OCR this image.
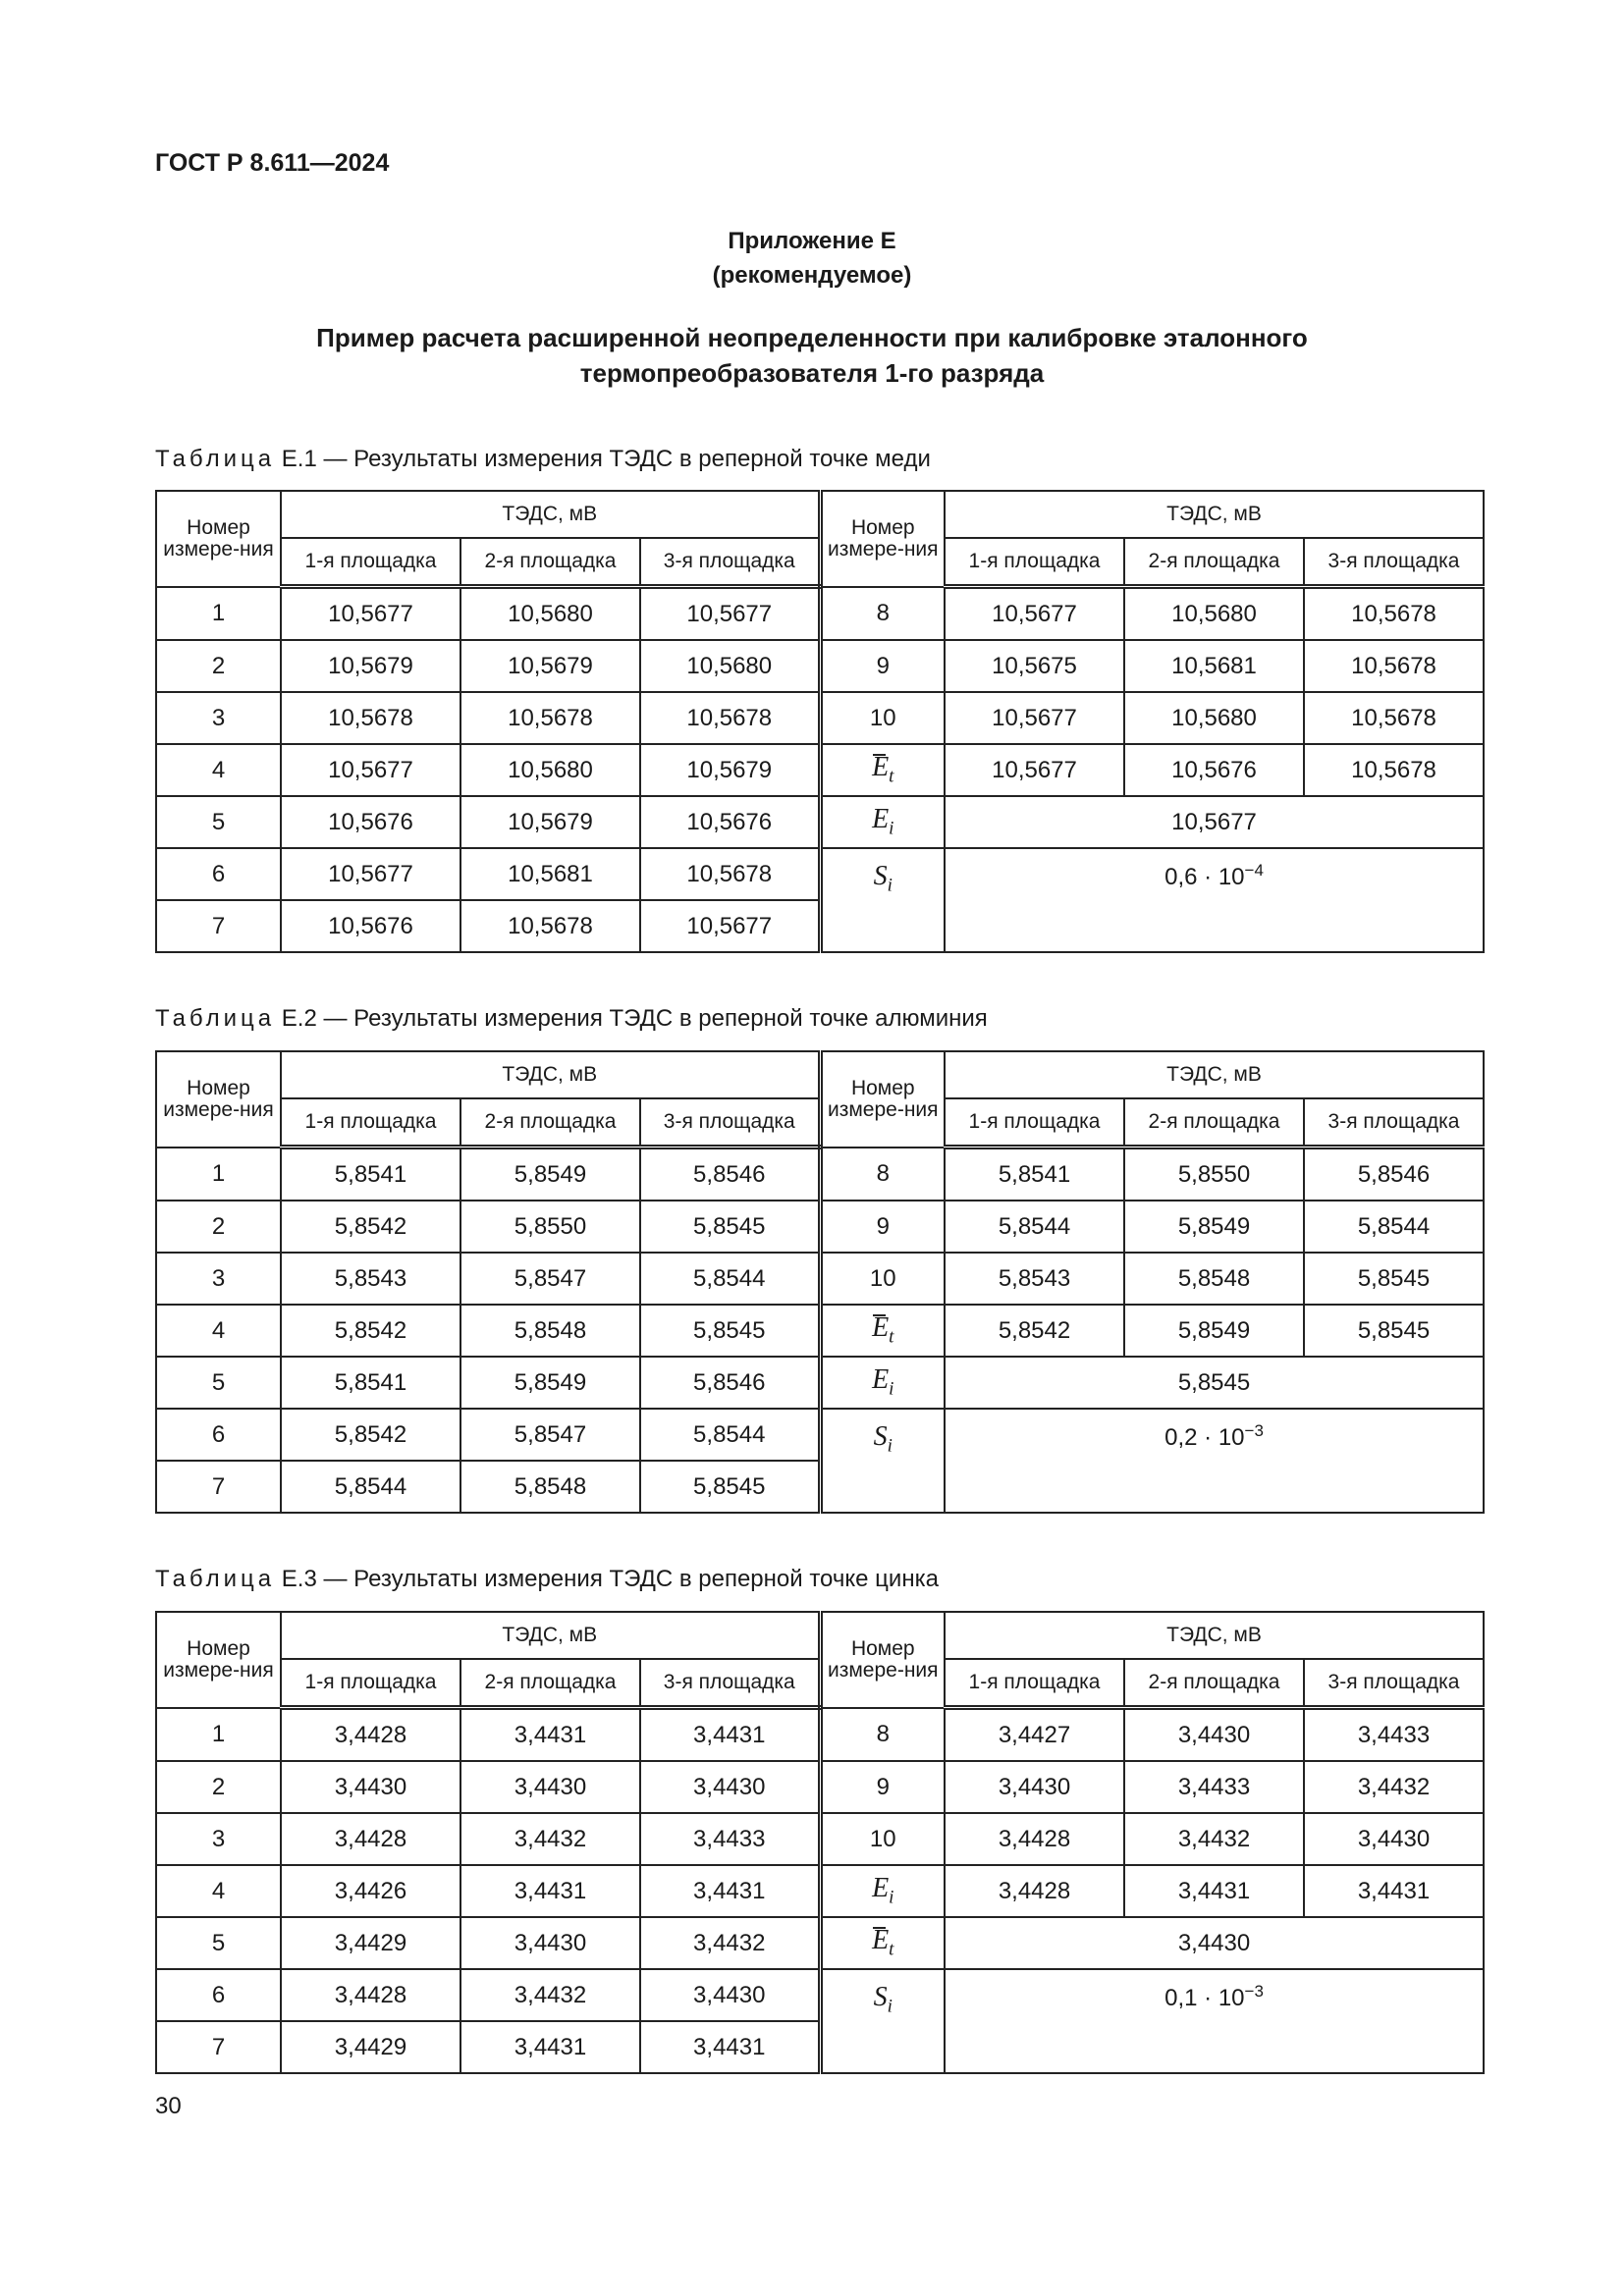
ГОСТ Р 8.611—2024
Приложение Е
(рекомендуемое)
Пример расчета расширенной неопределенности при калибровке эталонного
термопреобразователя 1-го разряда
Таблица Е.1 — Результаты измерения ТЭДС в реперной точке меди
Номер измере-ния	ТЭДС, мВ			Номер измере-ния	ТЭДС, мВ		
	1-я площадка	2-я площадка	3-я площадка		1-я площадка	2-я площадка	3-я площадка
1	10,5677	10,5680	10,5677	8	10,5677	10,5680	10,5678
2	10,5679	10,5679	10,5680	9	10,5675	10,5681	10,5678
3	10,5678	10,5678	10,5678	10	10,5677	10,5680	10,5678
4	10,5677	10,5680	10,5679	$E_t$	10,5677	10,5676	10,5678
5	10,5676	10,5679	10,5676	$E_i$	10,5677		
6	10,5677	10,5681	10,5678	$S_i$	$0,6 \cdot 10^{-4}$
7	10,5676	10,5678	10,5677				
Таблица Е.2 — Результаты измерения ТЭДС в реперной точке алюминия
Номер измере-ния	ТЭДС, мВ			Номер измере-ния	ТЭДС, мВ		
	1-я площадка	2-я площадка	3-я площадка		1-я площадка	2-я площадка	3-я площадка
1	5,8541	5,8549	5,8546	8	5,8541	5,8550	5,8546
2	5,8542	5,8550	5,8545	9	5,8544	5,8549	5,8544
3	5,8543	5,8547	5,8544	10	5,8543	5,8548	5,8545
4	5,8542	5,8548	5,8545	$E_t$	5,8542	5,8549	5,8545
5	5,8541	5,8549	5,8546	$E_i$	5,8545		
6	5,8542	5,8547	5,8544	$S_i$	$0,2 \cdot 10^{-3}$
7	5,8544	5,8548	5,8545				
Таблица Е.3 — Результаты измерения ТЭДС в реперной точке цинка
Номер измере-ния	ТЭДС, мВ			Номер измере-ния	ТЭДС, мВ		
	1-я площадка	2-я площадка	3-я площадка		1-я площадка	2-я площадка	3-я площадка
1	3,4428	3,4431	3,4431	8	3,4427	3,4430	3,4433
2	3,4430	3,4430	3,4430	9	3,4430	3,4433	3,4432
3	3,4428	3,4432	3,4433	10	3,4428	3,4432	3,4430
4	3,4426	3,4431	3,4431	$E_i$	3,4428	3,4431	3,4431
5	3,4429	3,4430	3,4432	$E_t$	3,4430		
6	3,4428	3,4432	3,4430	$S_i$	$0,1 \cdot 10^{-3}$
7	3,4429	3,4431	3,4431				
30
